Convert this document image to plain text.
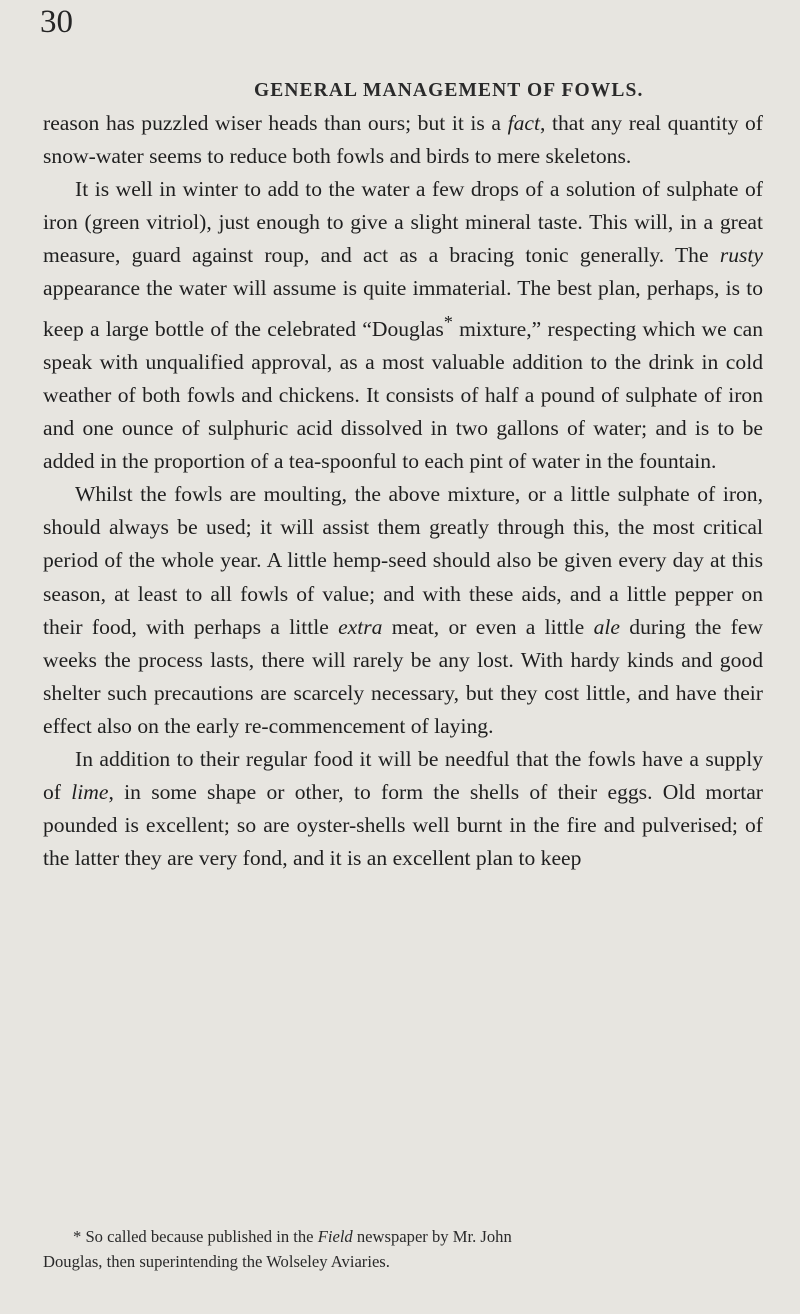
30
GENERAL MANAGEMENT OF FOWLS.

reason has puzzled wiser heads than ours; but it is a fact, that any real quantity of snow-water seems to reduce both fowls and birds to mere skeletons.

It is well in winter to add to the water a few drops of a solution of sulphate of iron (green vitriol), just enough to give a slight mineral taste. This will, in a great measure, guard against roup, and act as a bracing tonic generally. The rusty appearance the water will assume is quite immaterial. The best plan, perhaps, is to keep a large bottle of the celebrated “Douglas* mixture,” respecting which we can speak with unqualified approval, as a most valuable addition to the drink in cold weather of both fowls and chickens. It consists of half a pound of sulphate of iron and one ounce of sulphuric acid dissolved in two gallons of water; and is to be added in the proportion of a tea-spoonful to each pint of water in the fountain.

Whilst the fowls are moulting, the above mixture, or a little sulphate of iron, should always be used; it will assist them greatly through this, the most critical period of the whole year. A little hemp-seed should also be given every day at this season, at least to all fowls of value; and with these aids, and a little pepper on their food, with perhaps a little extra meat, or even a little ale during the few weeks the process lasts, there will rarely be any lost. With hardy kinds and good shelter such precautions are scarcely necessary, but they cost little, and have their effect also on the early re-commencement of laying.

In addition to their regular food it will be needful that the fowls have a supply of lime, in some shape or other, to form the shells of their eggs. Old mortar pounded is excellent; so are oyster-shells well burnt in the fire and pulverised; of the latter they are very fond, and it is an excellent plan to keep

* So called because published in the Field newspaper by Mr. John
Douglas, then superintending the Wolseley Aviaries.
